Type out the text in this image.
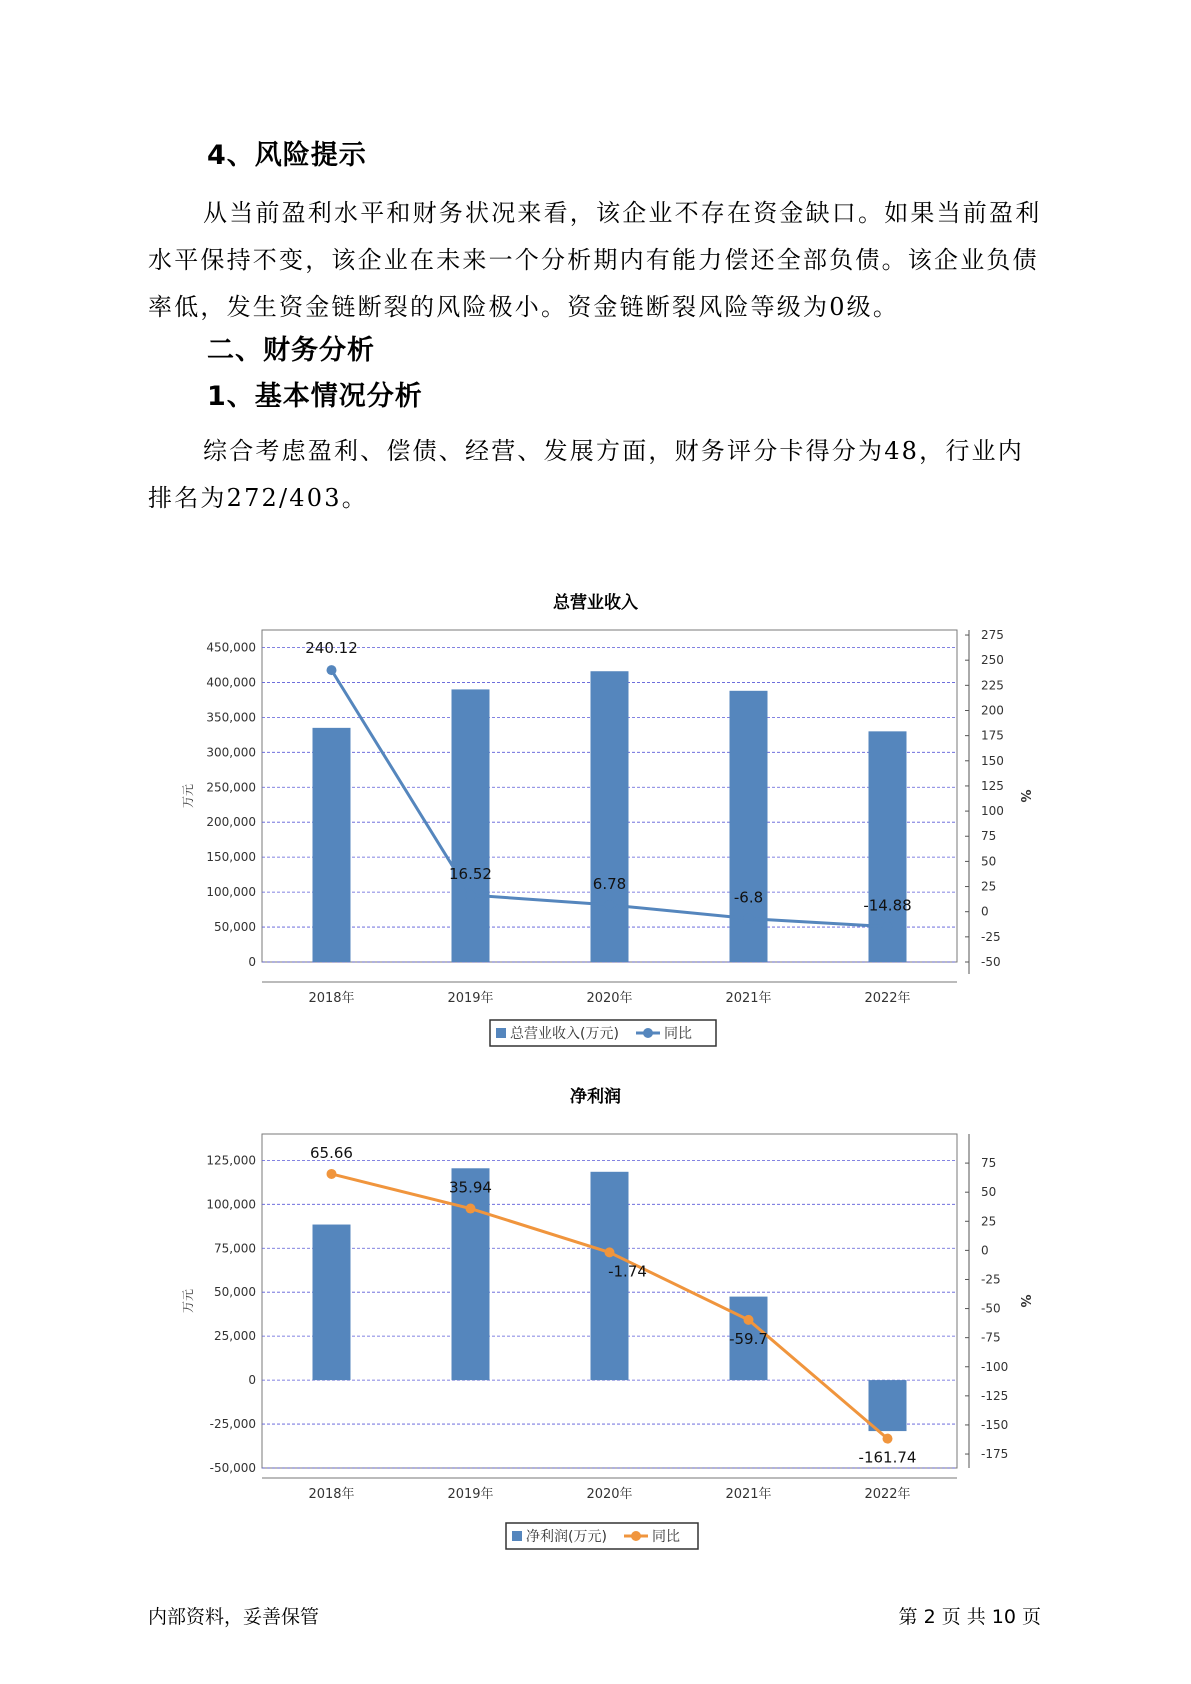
4、风险提示

从当前盈利水平和财务状况来看，该企业不存在资金缺口。如果当前盈利水平保持不变，该企业在未来一个分析期内有能力偿还全部负债。该企业负债率低，发生资金链断裂的风险极小。资金链断裂风险等级为0级。

二、财务分析
1、基本情况分析

综合考虑盈利、偿债、经营、发展方面，财务评分卡得分为48，行业内排名为272/403。

总营业收入
0
50,000
100,000
150,000
200,000
250,000
300,000
350,000
400,000
450,000
-50
-25
0
25
50
75
100
125
150
175
200
225
250
275
万元	%
2018年	2019年	2020年	2021年	2022年
240.12
16.52
6.78
-6.8	-14.88
总营业收入(万元)	同比
净利润
-50,000
-25,000
0
25,000
50,000
75,000
100,000
125,000
-175
-150
-125
-100
-75
-50
-25
0
25
50
75
万元	%
2018年	2019年	2020年	2021年	2022年
65.66
35.94
-1.74
-59.7
-161.74
净利润(万元)	同比
内部资料，妥善保管	第 2 页 共 10 页
